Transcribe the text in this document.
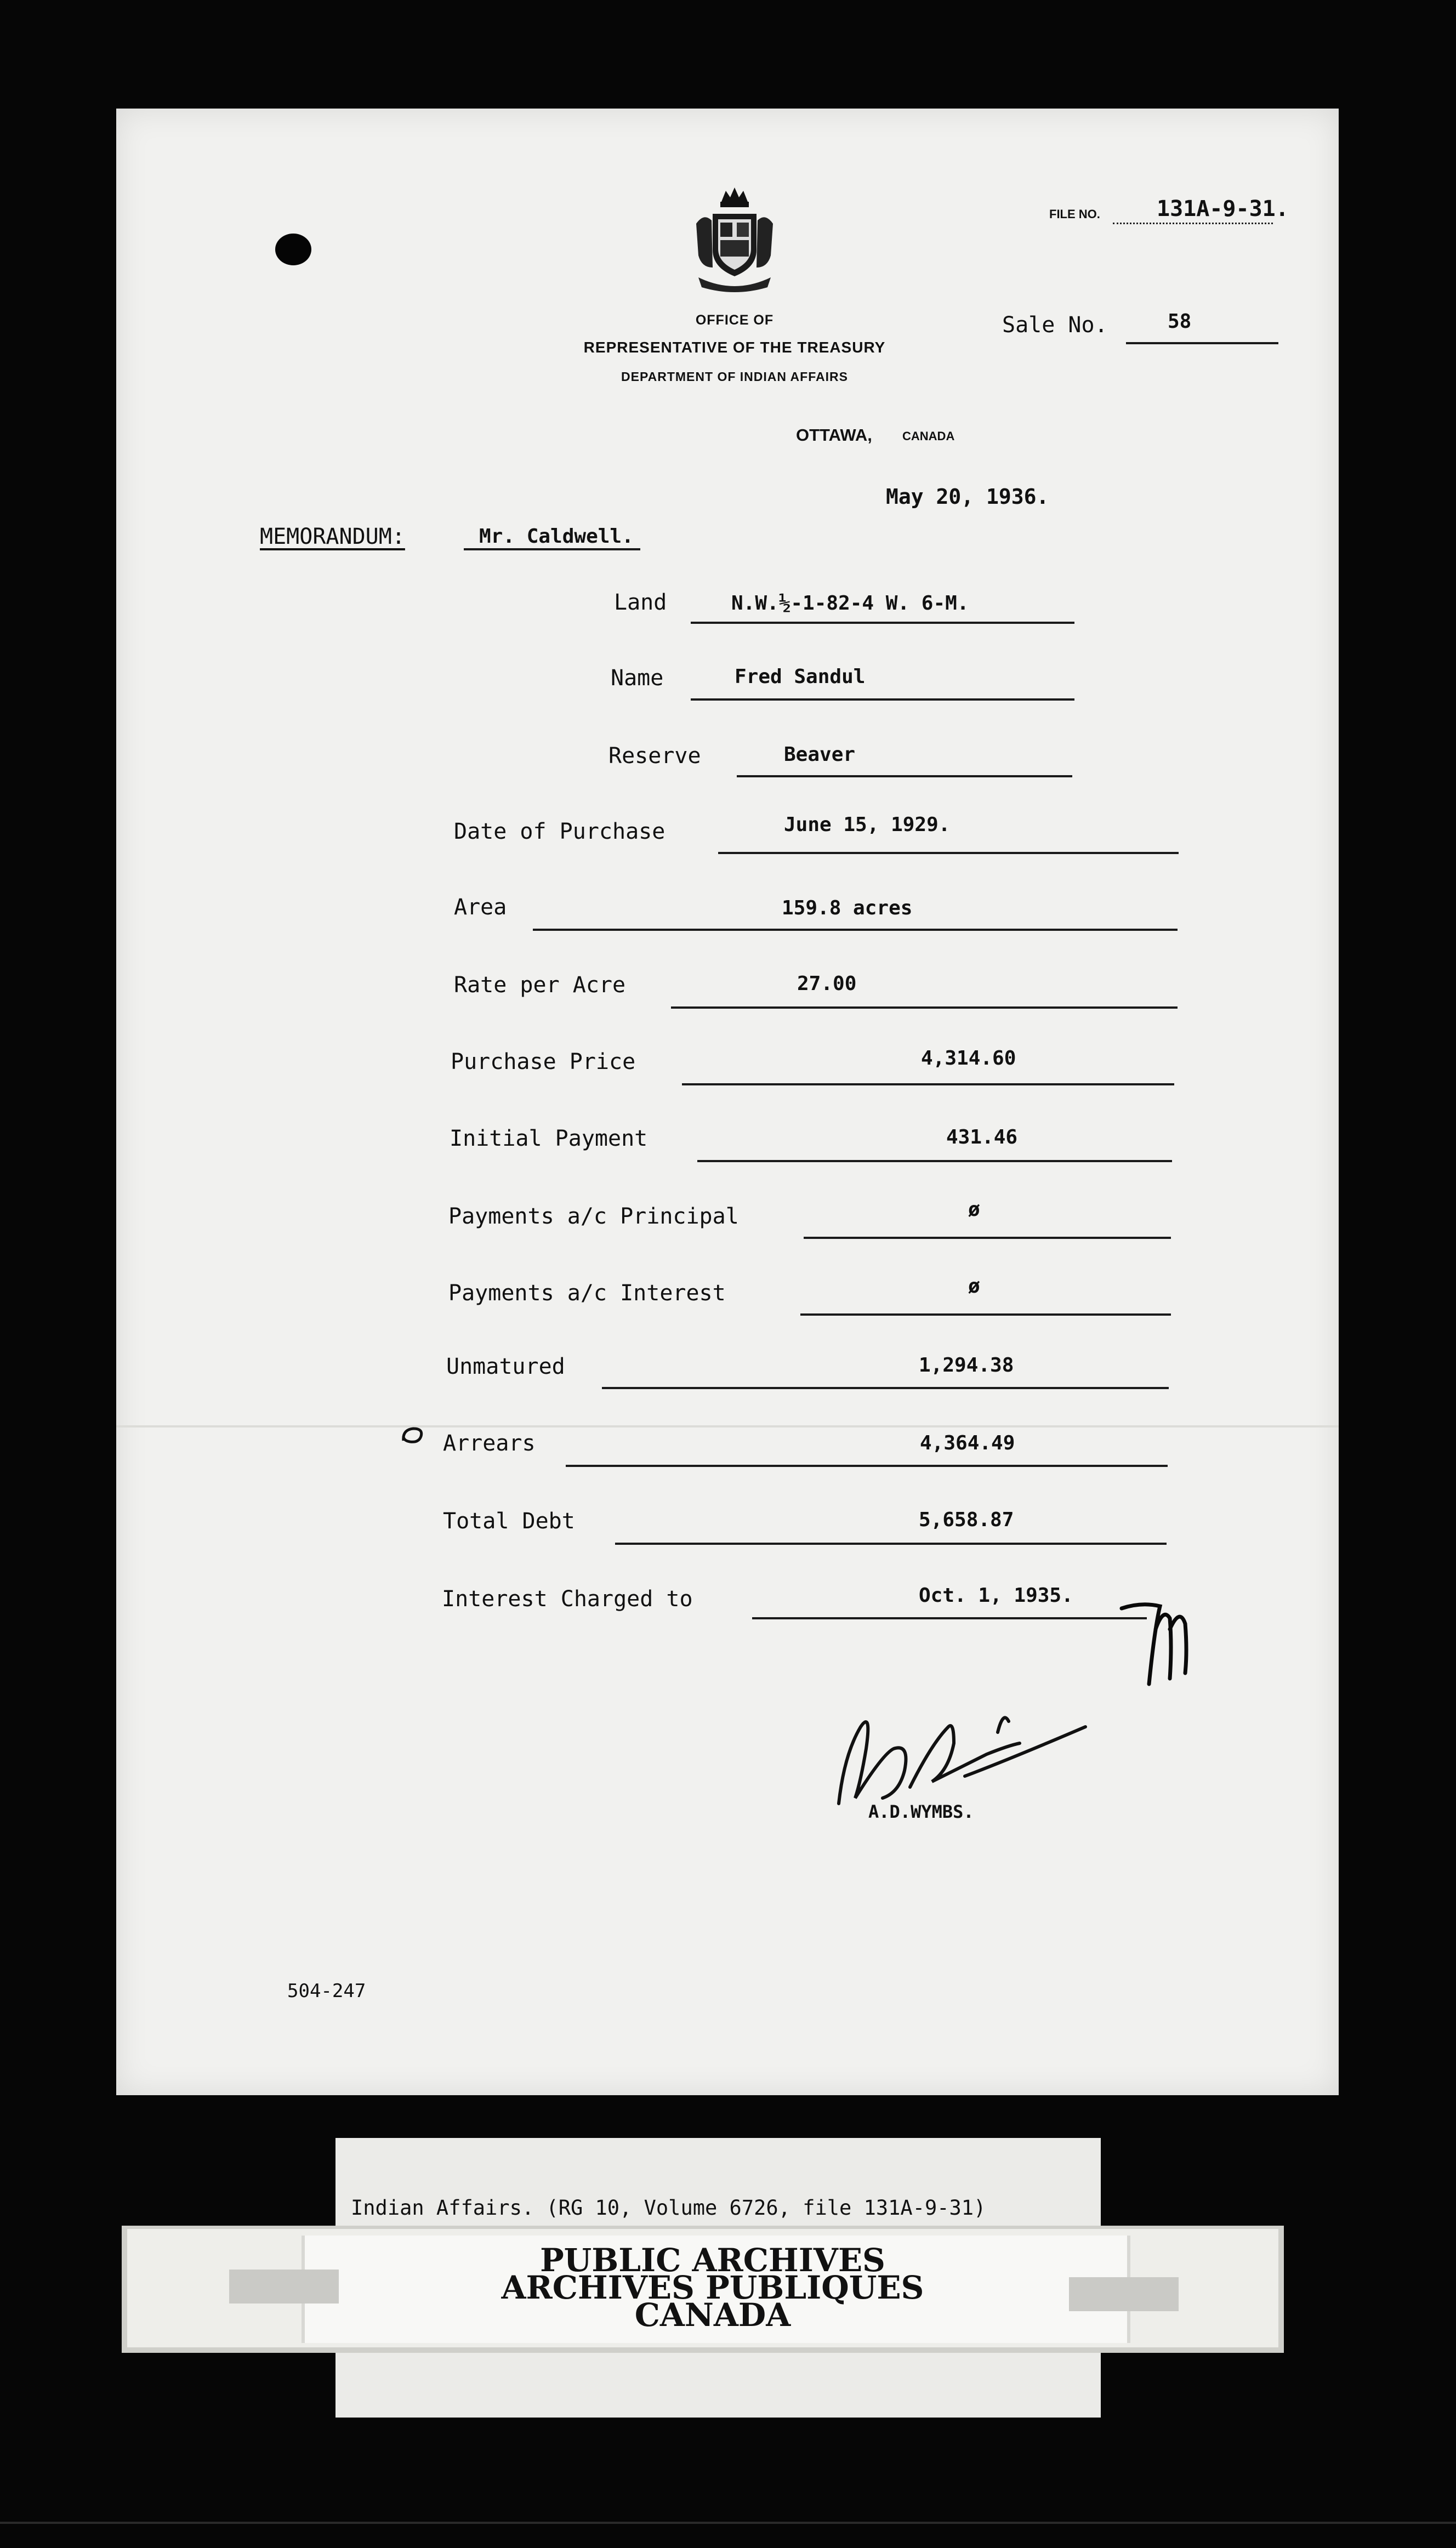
FILE NO.	131A-9-31.
OFFICE OF
REPRESENTATIVE OF THE TREASURY
DEPARTMENT OF INDIAN AFFAIRS
Sale No.	58
OTTAWA,	CANADA
May 20, 1936.
MEMORANDUM:	Mr. Caldwell.
Land	N.W.½-1-82-4 W. 6-M.
Name	Fred Sandul
Reserve	Beaver
Date of Purchase	June 15, 1929.
Area	159.8 acres
Rate per Acre	27.00
Purchase Price	4,314.60
Initial Payment	431.46
Payments a/c Principal	ø
Payments a/c Interest	ø
Unmatured	1,294.38
Arrears	4,364.49
Total Debt	5,658.87
Interest Charged to	Oct. 1, 1935.
A.D.WYMBS.
504-247
Indian Affairs. (RG 10, Volume 6726, file 131A-9-31)
PUBLIC ARCHIVES
ARCHIVES PUBLIQUES
CANADA
